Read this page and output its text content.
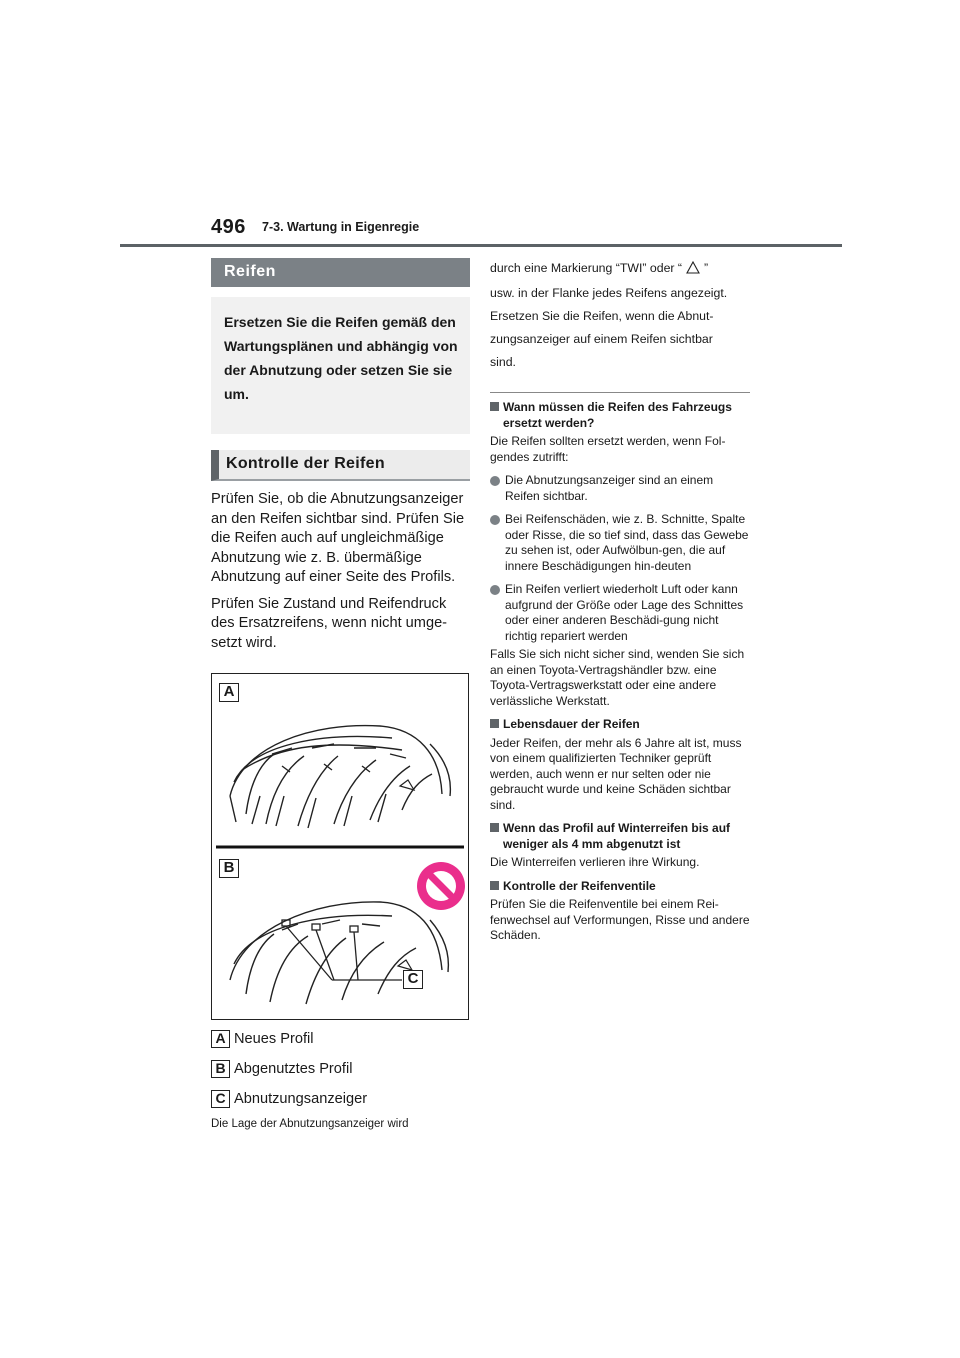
496 7-3. Wartung in Eigenregie
Reifen
Ersetzen Sie die Reifen gemäß den Wartungsplänen und abhängig von der Abnutzung oder setzen Sie sie um.
Kontrolle der Reifen

Prüfen Sie, ob die Abnutzungsanzeiger an den Reifen sichtbar sind. Prüfen Sie die Reifen auch auf ungleichmäßige Abnutzung wie z. B. übermäßige Abnutzung auf einer Seite des Profils.

Prüfen Sie Zustand und Reifendruck des Ersatzreifens, wenn nicht umge-setzt wird.

A
B
C
A Neues Profil
B Abgenutztes Profil
C Abnutzungsanzeiger
Die Lage der Abnutzungsanzeiger wird
durch eine Markierung “TWI” oder “ ”
usw. in der Flanke jedes Reifens angezeigt.
Ersetzen Sie die Reifen, wenn die Abnut-
zungsanzeiger auf einem Reifen sichtbar
sind.
Wann müssen die Reifen des Fahrzeugs ersetzt werden?
Die Reifen sollten ersetzt werden, wenn Fol-gendes zutrifft:
Die Abnutzungsanzeiger sind an einem Reifen sichtbar.
Bei Reifenschäden, wie z. B. Schnitte, Spalte oder Risse, die so tief sind, dass das Gewebe zu sehen ist, oder Aufwölbun-gen, die auf innere Beschädigungen hin-deuten
Ein Reifen verliert wiederholt Luft oder kann aufgrund der Größe oder Lage des Schnittes oder einer anderen Beschädi-gung nicht richtig repariert werden
Falls Sie sich nicht sicher sind, wenden Sie sich an einen Toyota-Vertragshändler bzw. eine Toyota-Vertragswerkstatt oder eine andere verlässliche Werkstatt.
Lebensdauer der Reifen
Jeder Reifen, der mehr als 6 Jahre alt ist, muss von einem qualifizierten Techniker geprüft werden, auch wenn er nur selten oder nie gebraucht wurde und keine Schäden sichtbar sind.
Wenn das Profil auf Winterreifen bis auf weniger als 4 mm abgenutzt ist
Die Winterreifen verlieren ihre Wirkung.
Kontrolle der Reifenventile
Prüfen Sie die Reifenventile bei einem Rei-fenwechsel auf Verformungen, Risse und andere Schäden.
